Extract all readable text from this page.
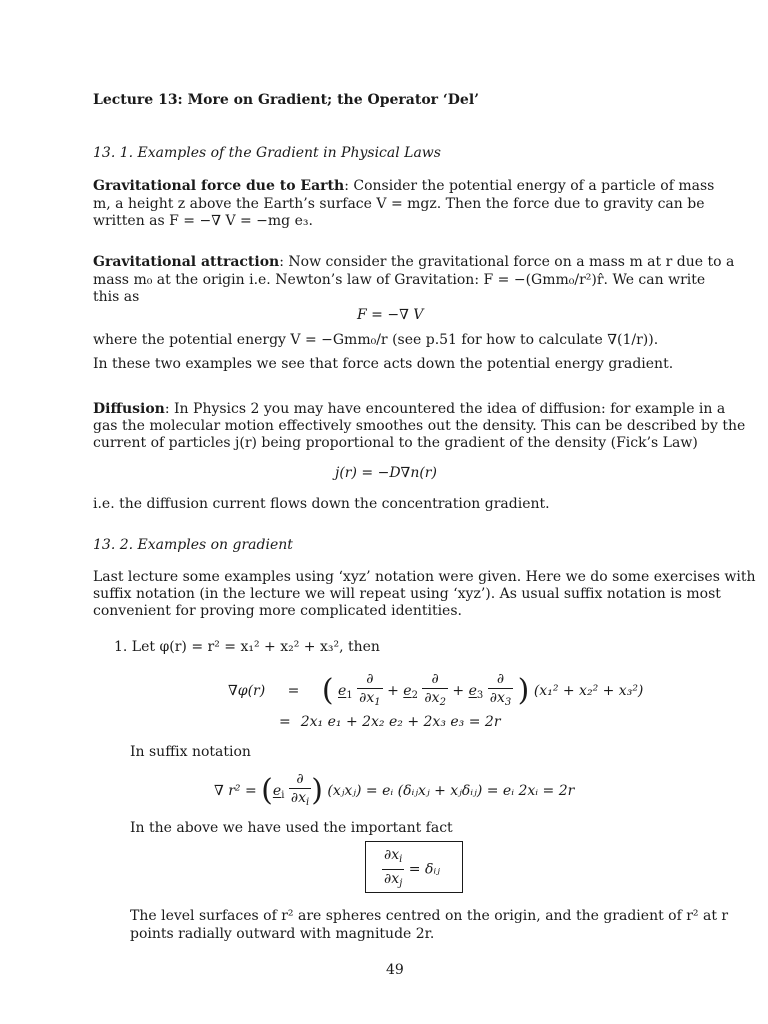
Lecture 13: More on Gradient; the Operator ‘Del’
13. 1. Examples of the Gradient in Physical Laws
Gravitational force due to Earth: Consider the potential energy of a particle of mass
m, a height z above the Earth’s surface V = mgz. Then the force due to gravity can be
written as F = −∇ V = −mg e₃.
Gravitational attraction: Now consider the gravitational force on a mass m at r due to a
mass m₀ at the origin i.e. Newton’s law of Gravitation: F = −(Gmm₀/r²)r̂. We can write
this as
F = −∇ V
where the potential energy V = −Gmm₀/r (see p.51 for how to calculate ∇(1/r)).
In these two examples we see that force acts down the potential energy gradient.
Diffusion: In Physics 2 you may have encountered the idea of diffusion: for example in a
gas the molecular motion effectively smoothes out the density. This can be described by the
current of particles j(r) being proportional to the gradient of the density (Fick’s Law)
j(r) = −D∇n(r)
i.e. the diffusion current flows down the concentration gradient.
13. 2. Examples on gradient
Last lecture some examples using ‘xyz’ notation were given. Here we do some exercises with
suffix notation (in the lecture we will repeat using ‘xyz’). As usual suffix notation is most
convenient for proving more complicated identities.
1. Let φ(r) = r² = x₁² + x₂² + x₃², then
∇φ(r) = ( $e_1 \frac{\partial}{\partial x_1} + e_2 \frac{\partial}{\partial x_2} + e_3 \frac{\partial}{\partial x_3}$ ) (x₁² + x₂² + x₃²)
= 2x₁ e₁ + 2x₂ e₂ + 2x₃ e₃ = 2r
In suffix notation
∇ $r^2 = (e_i \frac{\partial}{\partial x_i}$ ) (xⱼxⱼ) = eᵢ (δᵢⱼxⱼ + xⱼδᵢⱼ) = eᵢ 2xᵢ = 2r
In the above we have used the important fact
$\frac{\partial x_i}{\partial x_j}$ = δᵢⱼ
The level surfaces of r² are spheres centred on the origin, and the gradient of r² at r
points radially outward with magnitude 2r.
49
